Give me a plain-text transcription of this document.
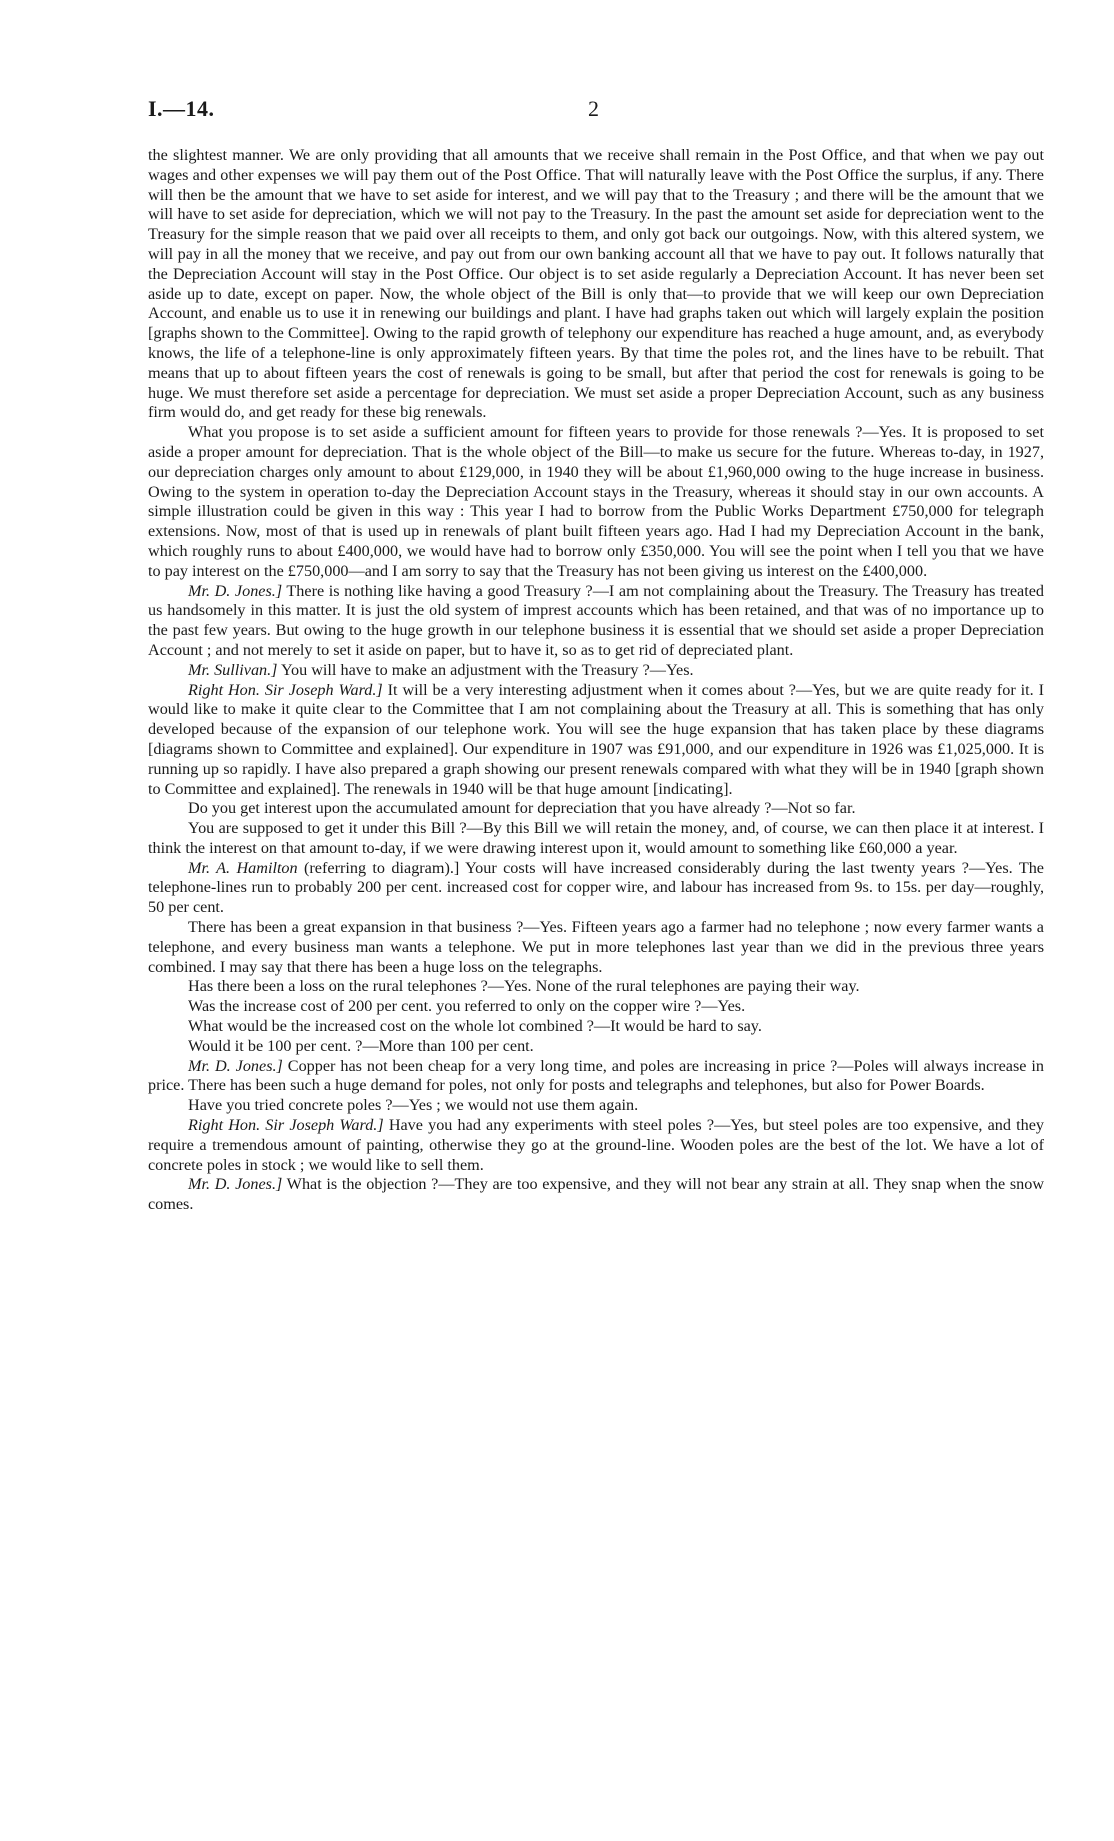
I.—14.	2

the slightest manner. We are only providing that all amounts that we receive shall remain in the Post Office, and that when we pay out wages and other expenses we will pay them out of the Post Office. That will naturally leave with the Post Office the surplus, if any. There will then be the amount that we have to set aside for interest, and we will pay that to the Treasury ; and there will be the amount that we will have to set aside for depreciation, which we will not pay to the Treasury. In the past the amount set aside for depreciation went to the Treasury for the simple reason that we paid over all receipts to them, and only got back our outgoings. Now, with this altered system, we will pay in all the money that we receive, and pay out from our own banking account all that we have to pay out. It follows naturally that the Depreciation Account will stay in the Post Office. Our object is to set aside regularly a Depreciation Account. It has never been set aside up to date, except on paper. Now, the whole object of the Bill is only that—to provide that we will keep our own Depreciation Account, and enable us to use it in renewing our buildings and plant. I have had graphs taken out which will largely explain the position [graphs shown to the Committee]. Owing to the rapid growth of telephony our expenditure has reached a huge amount, and, as everybody knows, the life of a telephone-line is only approximately fifteen years. By that time the poles rot, and the lines have to be rebuilt. That means that up to about fifteen years the cost of renewals is going to be small, but after that period the cost for renewals is going to be huge. We must therefore set aside a percentage for depreciation. We must set aside a proper Depreciation Account, such as any business firm would do, and get ready for these big renewals.

What you propose is to set aside a sufficient amount for fifteen years to provide for those renewals ?—Yes. It is proposed to set aside a proper amount for depreciation. That is the whole object of the Bill—to make us secure for the future. Whereas to-day, in 1927, our depreciation charges only amount to about £129,000, in 1940 they will be about £1,960,000 owing to the huge increase in business. Owing to the system in operation to-day the Depreciation Account stays in the Treasury, whereas it should stay in our own accounts. A simple illustration could be given in this way : This year I had to borrow from the Public Works Department £750,000 for telegraph extensions. Now, most of that is used up in renewals of plant built fifteen years ago. Had I had my Depreciation Account in the bank, which roughly runs to about £400,000, we would have had to borrow only £350,000. You will see the point when I tell you that we have to pay interest on the £750,000—and I am sorry to say that the Treasury has not been giving us interest on the £400,000.

Mr. D. Jones.] There is nothing like having a good Treasury ?—I am not complaining about the Treasury. The Treasury has treated us handsomely in this matter. It is just the old system of imprest accounts which has been retained, and that was of no importance up to the past few years. But owing to the huge growth in our telephone business it is essential that we should set aside a proper Depreciation Account ; and not merely to set it aside on paper, but to have it, so as to get rid of depreciated plant.

Mr. Sullivan.] You will have to make an adjustment with the Treasury ?—Yes.

Right Hon. Sir Joseph Ward.] It will be a very interesting adjustment when it comes about ?—Yes, but we are quite ready for it. I would like to make it quite clear to the Committee that I am not complaining about the Treasury at all. This is something that has only developed because of the expansion of our telephone work. You will see the huge expansion that has taken place by these diagrams [diagrams shown to Committee and explained]. Our expenditure in 1907 was £91,000, and our expenditure in 1926 was £1,025,000. It is running up so rapidly. I have also prepared a graph showing our present renewals compared with what they will be in 1940 [graph shown to Committee and explained]. The renewals in 1940 will be that huge amount [indicating].

Do you get interest upon the accumulated amount for depreciation that you have already ?—Not so far.

You are supposed to get it under this Bill ?—By this Bill we will retain the money, and, of course, we can then place it at interest. I think the interest on that amount to-day, if we were drawing interest upon it, would amount to something like £60,000 a year.

Mr. A. Hamilton (referring to diagram).] Your costs will have increased considerably during the last twenty years ?—Yes. The telephone-lines run to probably 200 per cent. increased cost for copper wire, and labour has increased from 9s. to 15s. per day—roughly, 50 per cent.

There has been a great expansion in that business ?—Yes. Fifteen years ago a farmer had no telephone ; now every farmer wants a telephone, and every business man wants a telephone. We put in more telephones last year than we did in the previous three years combined. I may say that there has been a huge loss on the telegraphs.

Has there been a loss on the rural telephones ?—Yes. None of the rural telephones are paying their way.

Was the increase cost of 200 per cent. you referred to only on the copper wire ?—Yes.

What would be the increased cost on the whole lot combined ?—It would be hard to say.

Would it be 100 per cent. ?—More than 100 per cent.

Mr. D. Jones.] Copper has not been cheap for a very long time, and poles are increasing in price ?—Poles will always increase in price. There has been such a huge demand for poles, not only for posts and telegraphs and telephones, but also for Power Boards.

Have you tried concrete poles ?—Yes ; we would not use them again.

Right Hon. Sir Joseph Ward.] Have you had any experiments with steel poles ?—Yes, but steel poles are too expensive, and they require a tremendous amount of painting, otherwise they go at the ground-line. Wooden poles are the best of the lot. We have a lot of concrete poles in stock ; we would like to sell them.

Mr. D. Jones.] What is the objection ?—They are too expensive, and they will not bear any strain at all. They snap when the snow comes.
